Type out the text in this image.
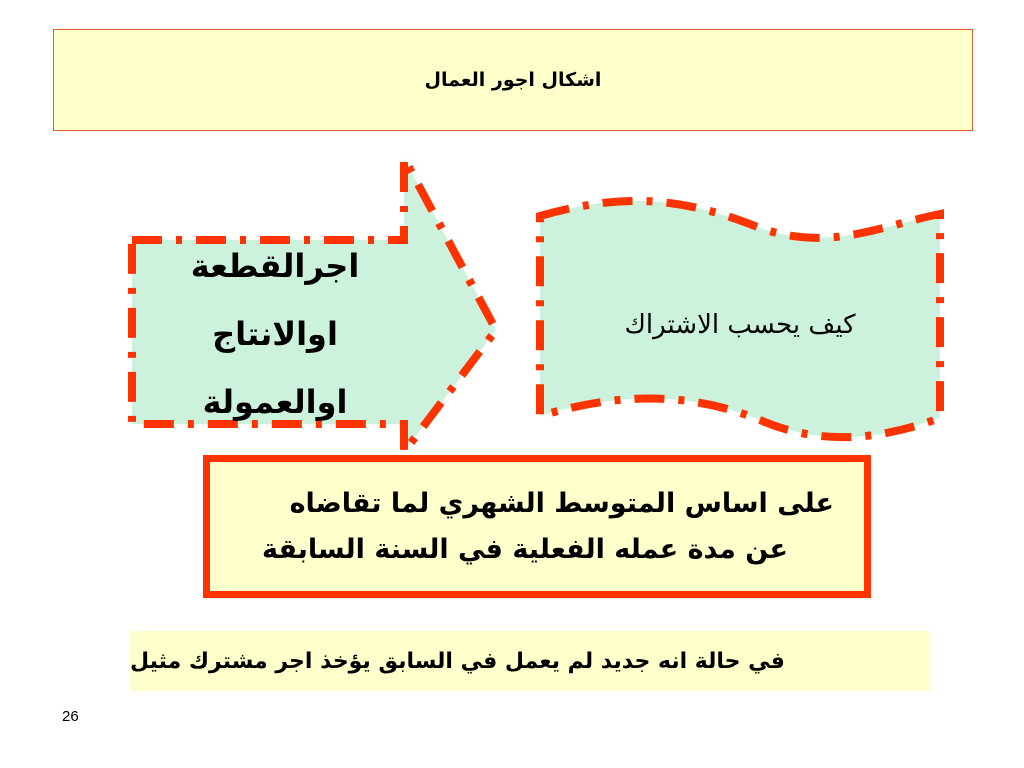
اشكال اجور العمال
اجرالقطعة
اوالانتاج
اوالعمولة
كيف يحسب الاشتراك
على اساس المتوسط الشهري لما تقاضاه
عن مدة عمله الفعلية في السنة السابقة
في حالة انه جديد لم يعمل في السابق يؤخذ اجر مشترك مثيل
26
